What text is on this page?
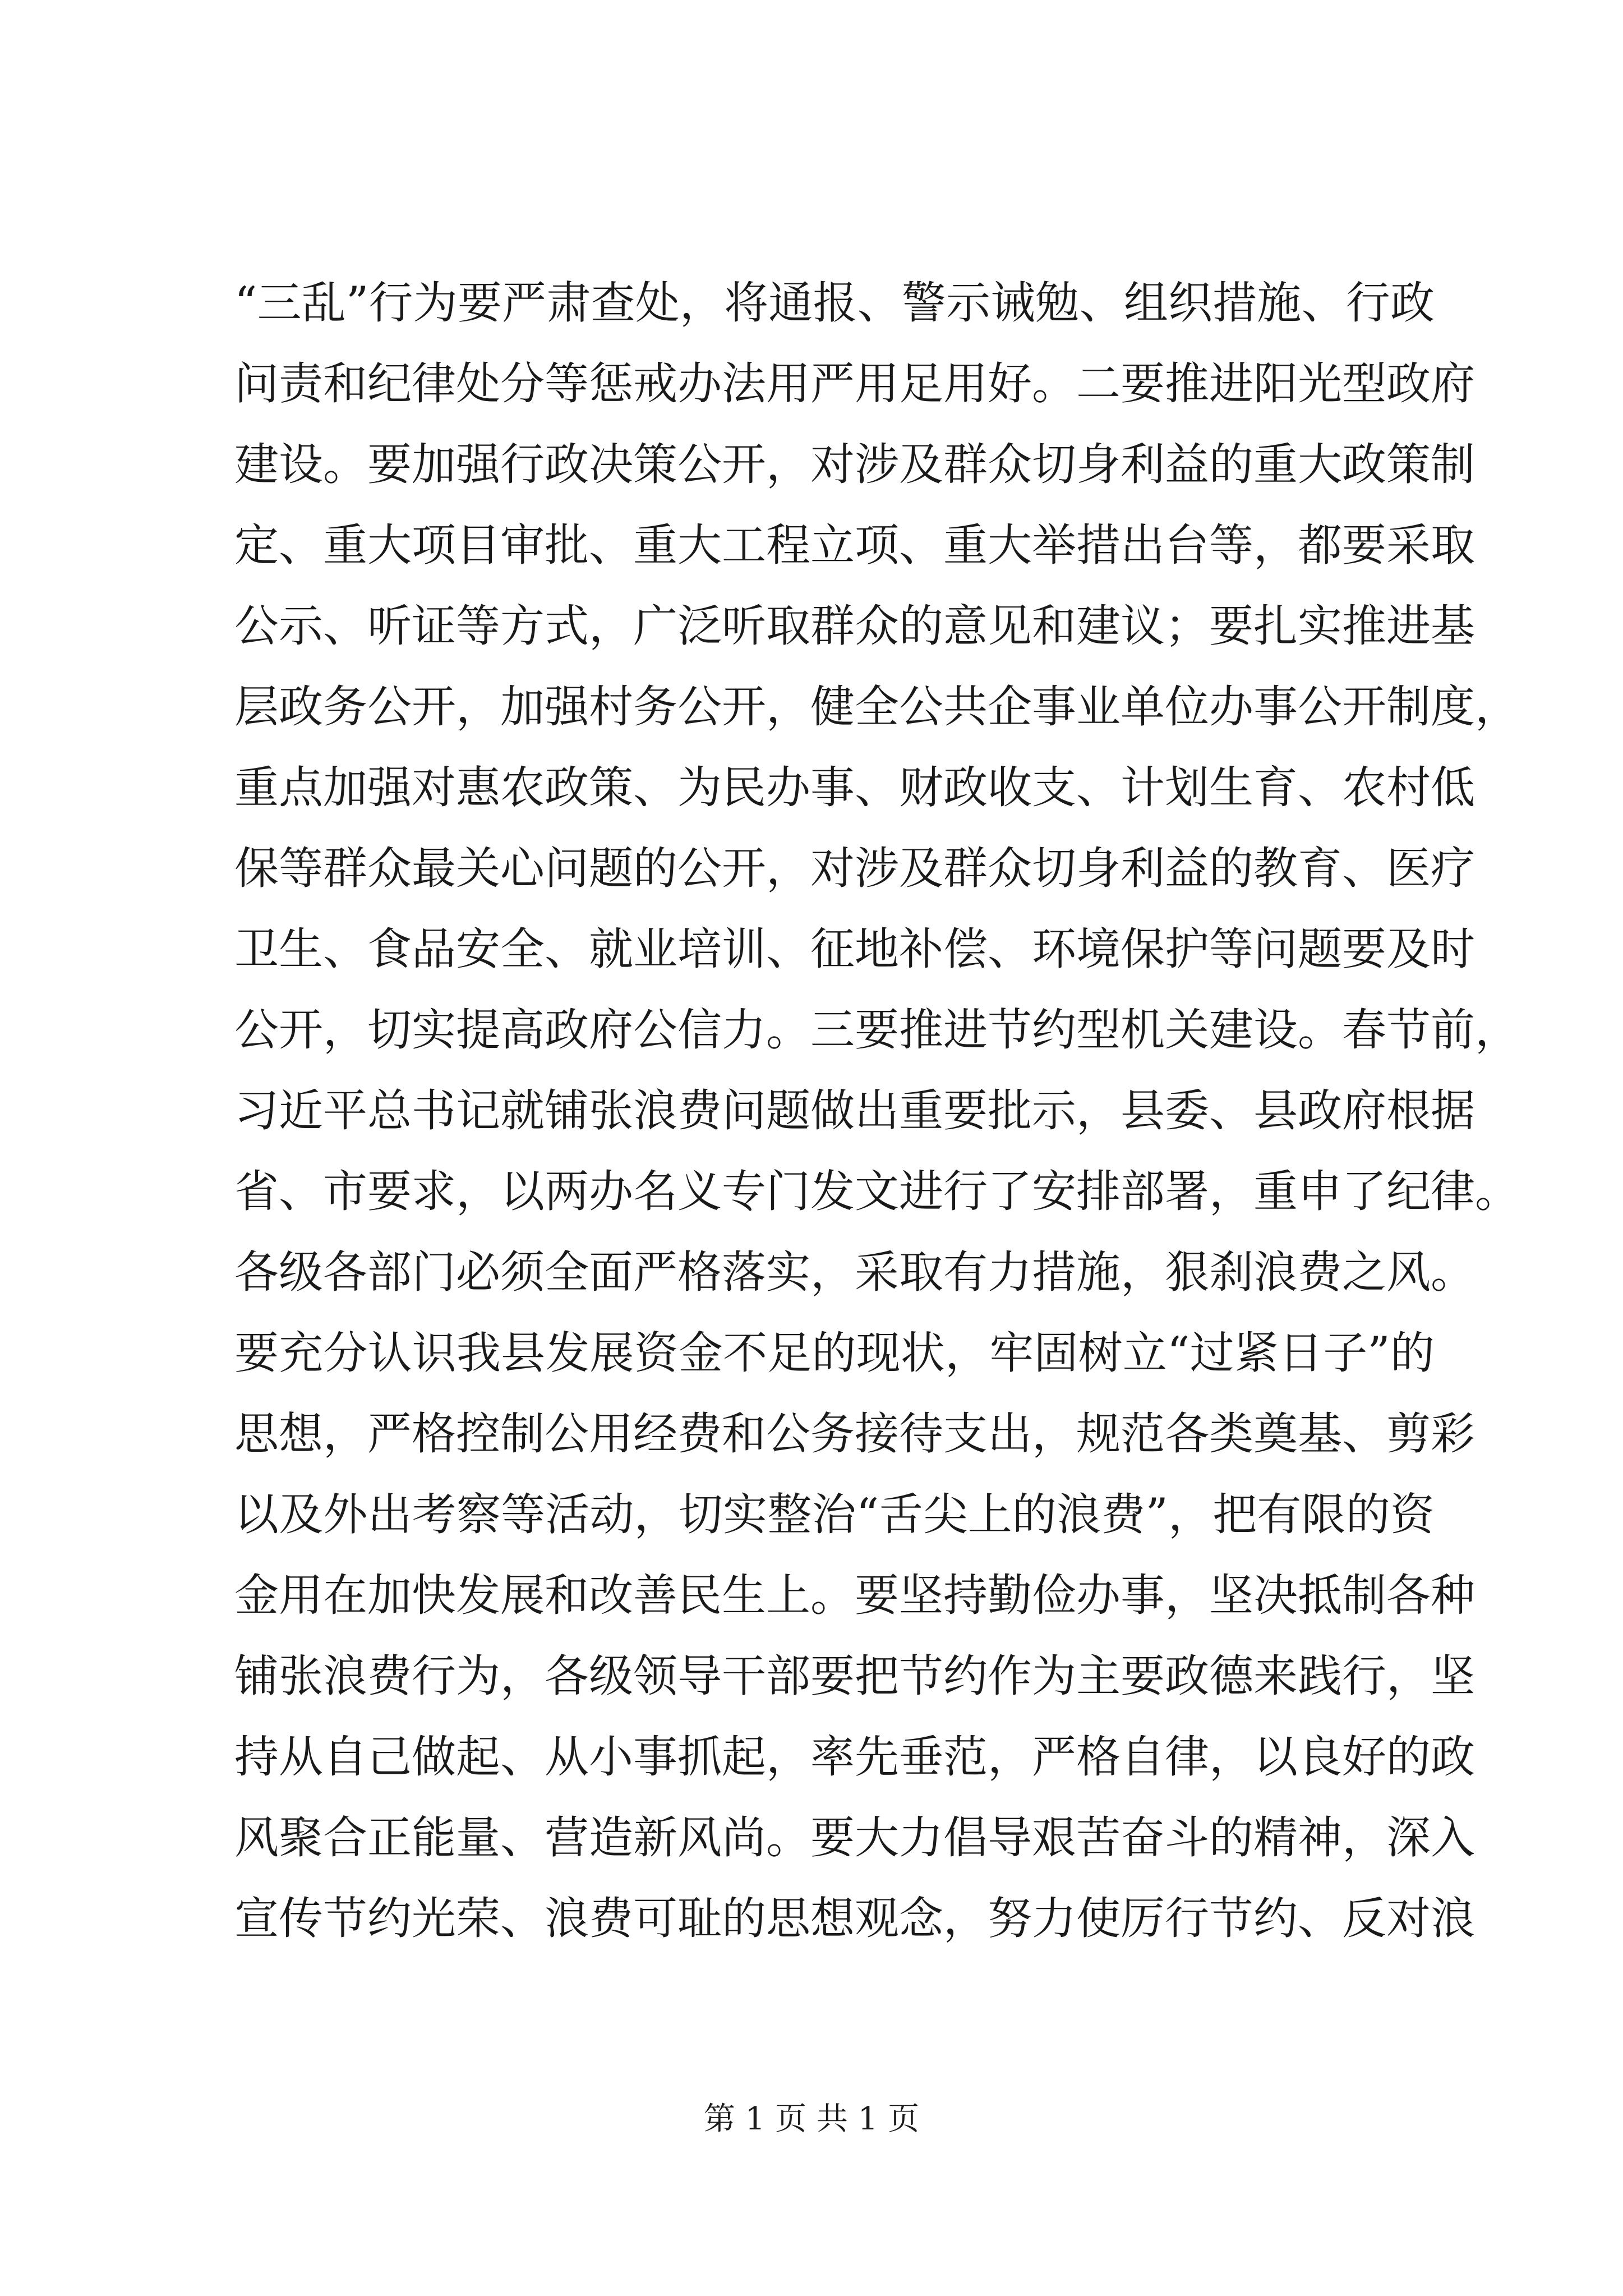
“三乱”行为要严肃查处，将通报、警示诫勉、组织措施、行政
问责和纪律处分等惩戒办法用严用足用好。二要推进阳光型政府
建设。要加强行政决策公开，对涉及群众切身利益的重大政策制
定、重大项目审批、重大工程立项、重大举措出台等，都要采取
公示、听证等方式，广泛听取群众的意见和建议；要扎实推进基
层政务公开，加强村务公开，健全公共企事业单位办事公开制度，
重点加强对惠农政策、为民办事、财政收支、计划生育、农村低
保等群众最关心问题的公开，对涉及群众切身利益的教育、医疗
卫生、食品安全、就业培训、征地补偿、环境保护等问题要及时
公开，切实提高政府公信力。三要推进节约型机关建设。春节前，
习近平总书记就铺张浪费问题做出重要批示，县委、县政府根据
省、市要求，以两办名义专门发文进行了安排部署，重申了纪律。
各级各部门必须全面严格落实，采取有力措施，狠刹浪费之风。
要充分认识我县发展资金不足的现状，牢固树立“过紧日子”的
思想，严格控制公用经费和公务接待支出，规范各类奠基、剪彩
以及外出考察等活动，切实整治“舌尖上的浪费”，把有限的资
金用在加快发展和改善民生上。要坚持勤俭办事，坚决抵制各种
铺张浪费行为，各级领导干部要把节约作为主要政德来践行，坚
持从自己做起、从小事抓起，率先垂范，严格自律，以良好的政
风聚合正能量、营造新风尚。要大力倡导艰苦奋斗的精神，深入
宣传节约光荣、浪费可耻的思想观念，努力使厉行节约、反对浪
第 1 页 共 1 页
